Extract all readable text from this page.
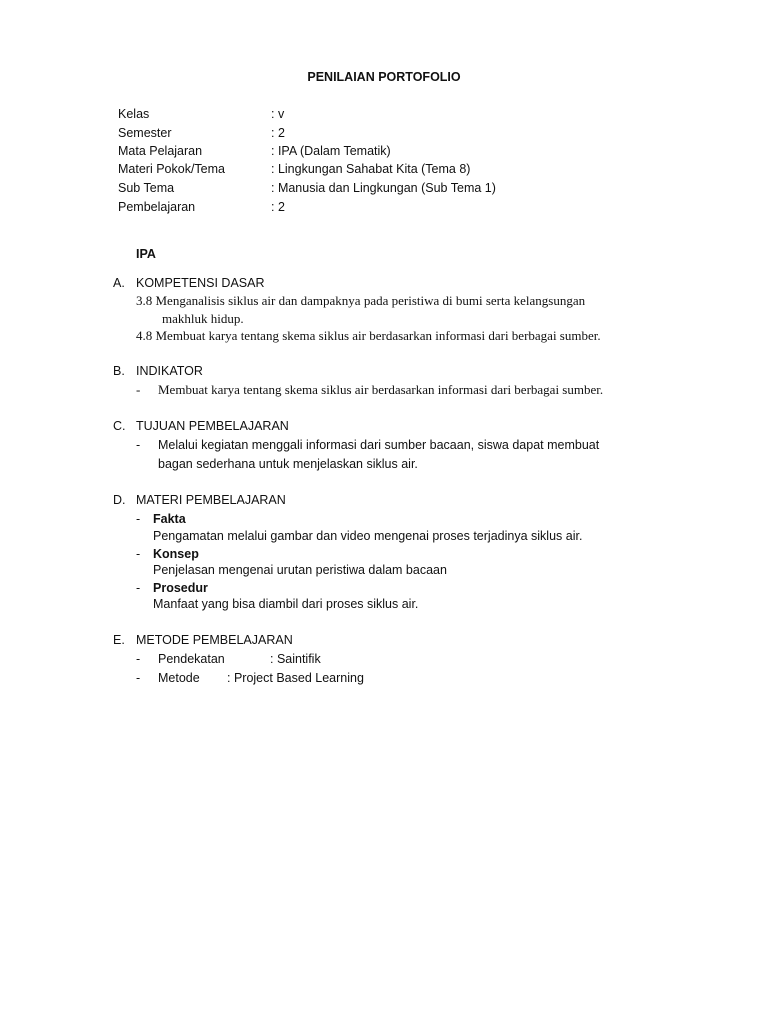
PENILAIAN PORTOFOLIO
Kelas	: v
Semester	: 2
Mata Pelajaran	: IPA (Dalam Tematik)
Materi Pokok/Tema	: Lingkungan Sahabat Kita (Tema 8)
Sub Tema	: Manusia dan Lingkungan (Sub Tema 1)
Pembelajaran	: 2
IPA
A. KOMPETENSI DASAR
3.8 Menganalisis siklus air dan dampaknya pada peristiwa di bumi serta kelangsungan
makhluk hidup.
4.8 Membuat karya tentang skema siklus air berdasarkan informasi dari berbagai sumber.
B. INDIKATOR
- Membuat karya tentang skema siklus air berdasarkan informasi dari berbagai sumber.
C. TUJUAN PEMBELAJARAN
- Melalui kegiatan menggali informasi dari sumber bacaan, siswa dapat membuat
bagan sederhana untuk menjelaskan siklus air.
D. MATERI PEMBELAJARAN
- Fakta
Pengamatan melalui gambar dan video mengenai proses terjadinya siklus air.
- Konsep
Penjelasan mengenai urutan peristiwa dalam bacaan
- Prosedur
Manfaat yang bisa diambil dari proses siklus air.
E. METODE PEMBELAJARAN
- Pendekatan	: Saintifik
- Metode : Project Based Learning
